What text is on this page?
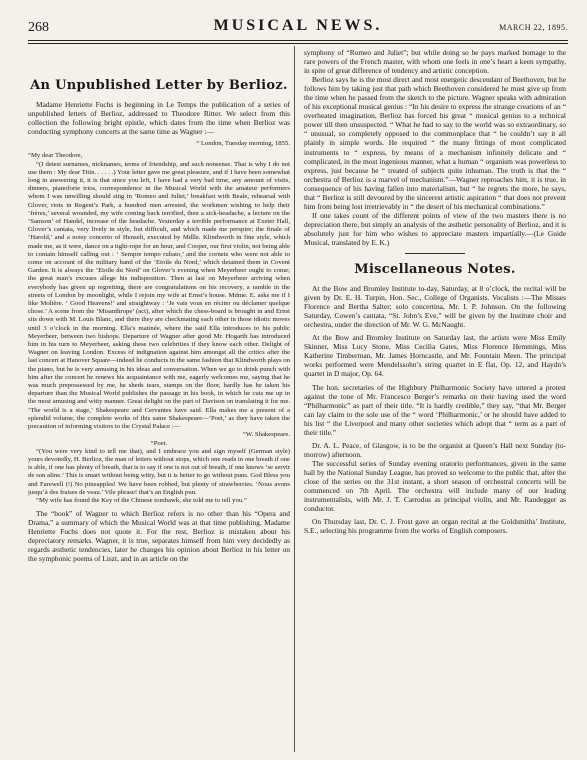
268	MUSICAL NEWS.	MARCH 22, 1895.
An Unpublished Letter by Berlioz.

Madame Henriette Fuchs is beginning in Le Temps the publication of a series of unpublished letters of Berlioz, addressed to Theodore Ritter. We select from this collection the following bright epistle, which dates from the time when Berlioz was conducting symphony concerts at the same time as Wagner :—

“ London, Tuesday morning, 1855.

“My dear Theodore,

“(I detest surnames, nicknames, terms of friendship, and such nonsense. That is why I do not use them : My dear Titin. . . . . .) Your letter gave me great pleasure, and if I have been somewhat long in answering it, it is that since you left, I have had a very bad time, any amount of visits, dinners, pianoforte trios, correspondence in the Musical World with the amateur performers whom I was unwilling should sing in ‘Romeo and Juliet,’ breakfast with Beale, rehearsal with Glover, riots in Regent’s Park, a hundred men arrested, the workmen wishing to help their ‘frères,’ several wounded, my wife coming back terrified, then a sick-headache, a lecture on the ‘Samson’ of Handel, increase of the headache. Yesterday a terrible performance at Exeter Hall, Glover’s cantata, very lively in style, but difficult, and which made me perspire; the finale of ‘Harold,’ and a noisy concerto of Henselt, executed by Mdlle. Klindworth in fine style, which made me, as it were, dance on a tight-rope for an hour, and Cooper, our first violin, not being able to contain himself calling out : ‘ Sempre tempo rubato,’ and the cornets who were not able to come on account of the military band of the ‘Etoile du Nord,’ which detained them in Covent Garden. It is always the ‘Etoile du Nord’ on Glover’s evening when Meyerbeer ought to come; the great man’s excuses allege his indisposition. Then at last on Meyerbeer arriving when everybody has given up regretting, there are congratulations on his recovery, a ramble in the streets of London by moonlight, while I rejoin my wife at Ernst’s house. Mdme. E. asks me if I like Molière. ‘ Good Heavens!’ and straightway : ‘Je vais vous en réciter ou déclamer quelque chose.’ A scene from the ‘Misanthrope’ (act), after which the chess-board is brought in and Ernst sits down with M. Louis Blanc, and there they are checkmating each other in those idiotic moves until 3 o’clock in the morning. Ella’s matinée, where the said Ella introduces to his public Meyerbeer, between two bishops. Departure of Wagner after good Mr. Hogarth has introduced him in his turn to Meyerbeer, asking these two celebrities if they know each other. Delight of Wagner on leaving London. Excess of indignation against him amongst all the critics after the last concert at Hanover Square—indeed he conducts in the same fashion that Klindworth plays on the piano, but he is very amusing in his ideas and conversation. When we go to drink punch with him after the concert he renews his acquaintance with me, eagerly welcomes me, saying that he was much prepossessed by me, he sheds tears, stamps on the floor, hardly has he taken his departure than the Musical World publishes the passage in his book, in which he cuts me up in the most amusing and witty manner. Great delight on the part of Davison on translating it for me. ‘The world is a stage,’ Shakespeare and Cervantes have said. Ella makes me a present of a splendid volume, the complete works of this same Shakespeare—‘Poet,’ as they have taken the precaution of informing visitors to the Crystal Palace :—

“W. Shakespeare.

“Poet.

“(You were very kind to tell me that), and I embrace you and sign myself (German style) yours devotedly, H. Berlioz, the man of letters without stops, which one reads in one breath if one is able, if one has plenty of breath, that is to say if one is not out of breath, if one knows ‘se servir de son aline.’ This is smart without being witty, but it is better to go without puns. God Bless you and Farewell (!) No pineapples! We have been robbed, but plenty of strawberries. ‘Nous avons jusqu’à des fraises de veau.’ Vile phrase! that’s an English pun.

“My wife has found the Key of the Chinese tombawk, she told me to tell you.”

The “book” of Wagner to which Berlioz refers is no other than his “Opera and Drama,” a summary of which the Musical World was at that time publishing. Madame Henriette Fuchs does not quote it. For the rest, Berlioz is mistaken about his depreciatory remarks. Wagner, it is true, separates himself from him very decidedly as regards æsthetic tendencies, later he changes his opinion about Berlioz in his letter on the symphonic poems of Liszt, and in an article on the

symphony of “Romeo and Juliet”; but while doing so he pays marked homage to the rare powers of the French master, with whom one feels in one’s heart a keen sympathy, in spite of great difference of tendency and artistic conception.

Berlioz says he is the most direct and most energetic descendant of Beethoven, but he follows him by taking just that path which Beethoven considered he must give up from the time when he passed from the sketch to the picture. Wagner speaks with admiration of his exceptional musical genius : “In his desire to express the strange creations of an “ overheated imagination, Berlioz has forced his great “ musical genius to a technical power till then unsuspected. “ What he had to say to the world was so extraordinary, so “ unusual, so completely opposed to the commonplace that “ he couldn’t say it all plainly in simple words. He required “ the many fittings of most complicated instruments to “ express, by means of a mechanism infinitely delicate and “ complicated, in the most ingenious manner, what a human “ organism was powerless to express, just because he “ treated of subjects quite inhuman. The truth is that the “ orchestra of Berlioz is a marvel of mechanism.”—Wagner reproaches him, it is true, in consequence of his having fallen into materialism, but “ he regrets the more, he says, that “ Berlioz is still devoured by the sincerest artistic aspiration “ that does not prevent him from being lost irretrievably in “ the desert of his mechanical combinations.”

If one takes count of the different points of view of the two masters there is no depreciation there, but simply an analysis of the æsthetic personality of Berlioz, and it is absolutely just for him who wishes to appreciate masters impartially.—(Le Guide Musical, translated by E. K.)

Miscellaneous Notes.

At the Bow and Bromley Institute to-day, Saturday, at 8 o’clock, the recital will be given by Dr. E. H. Turpin, Hon. Sec., College of Organists. Vocalists :—The Misses Florence and Bertha Salter; solo concertina, Mr. I. P. Johnson. On the following Saturday, Cowen’s cantata, “St. John’s Eve,” will be given by the Institute choir and orchestra, under the direction of Mr. W. G. McNaught.

At the Bow and Bromley Institute on Saturday last, the artists were Miss Emily Skinner, Miss Lucy Stone, Miss Cecilia Gates, Miss Florence Hemmings, Miss Katherine Timberman, Mr. James Horncastle, and Mr. Fountain Meen. The principal works performed were Mendelssohn’s string quartet in E flat, Op. 12, and Haydn’s quartet in D major, Op. 64.

The hon. secretaries of the Highbury Philharmonic Society have uttered a protest against the tone of Mr. Francesco Berger’s remarks on their having used the word “Philharmonic” as part of their title. “It is hardly credible,” they say, “that Mr. Berger can lay claim to the sole use of the “ word ‘Philharmonic,’ or he should have added to his list “ the Liverpool and many other societies which adopt that “ term as a part of their title.”

Dr. A. L. Peace, of Glasgow, is to be the organist at Queen’s Hall next Sunday (to-morrow) afternoon.

The successful series of Sunday evening oratorio performances, given in the same hall by the National Sunday League, has proved so welcome to the public that, after the close of the series on the 31st instant, a short season of orchestral concerts will be commenced on 7th April. The orchestra will include many of our leading instrumentalists, with Mr. J. T. Carrodus as principal violin, and Mr. Randegger as conductor.

On Thursday last, Dr. C. J. Frost gave an organ recital at the Goldsmiths’ Institute, S.E., selecting his programme from the works of English composers.
